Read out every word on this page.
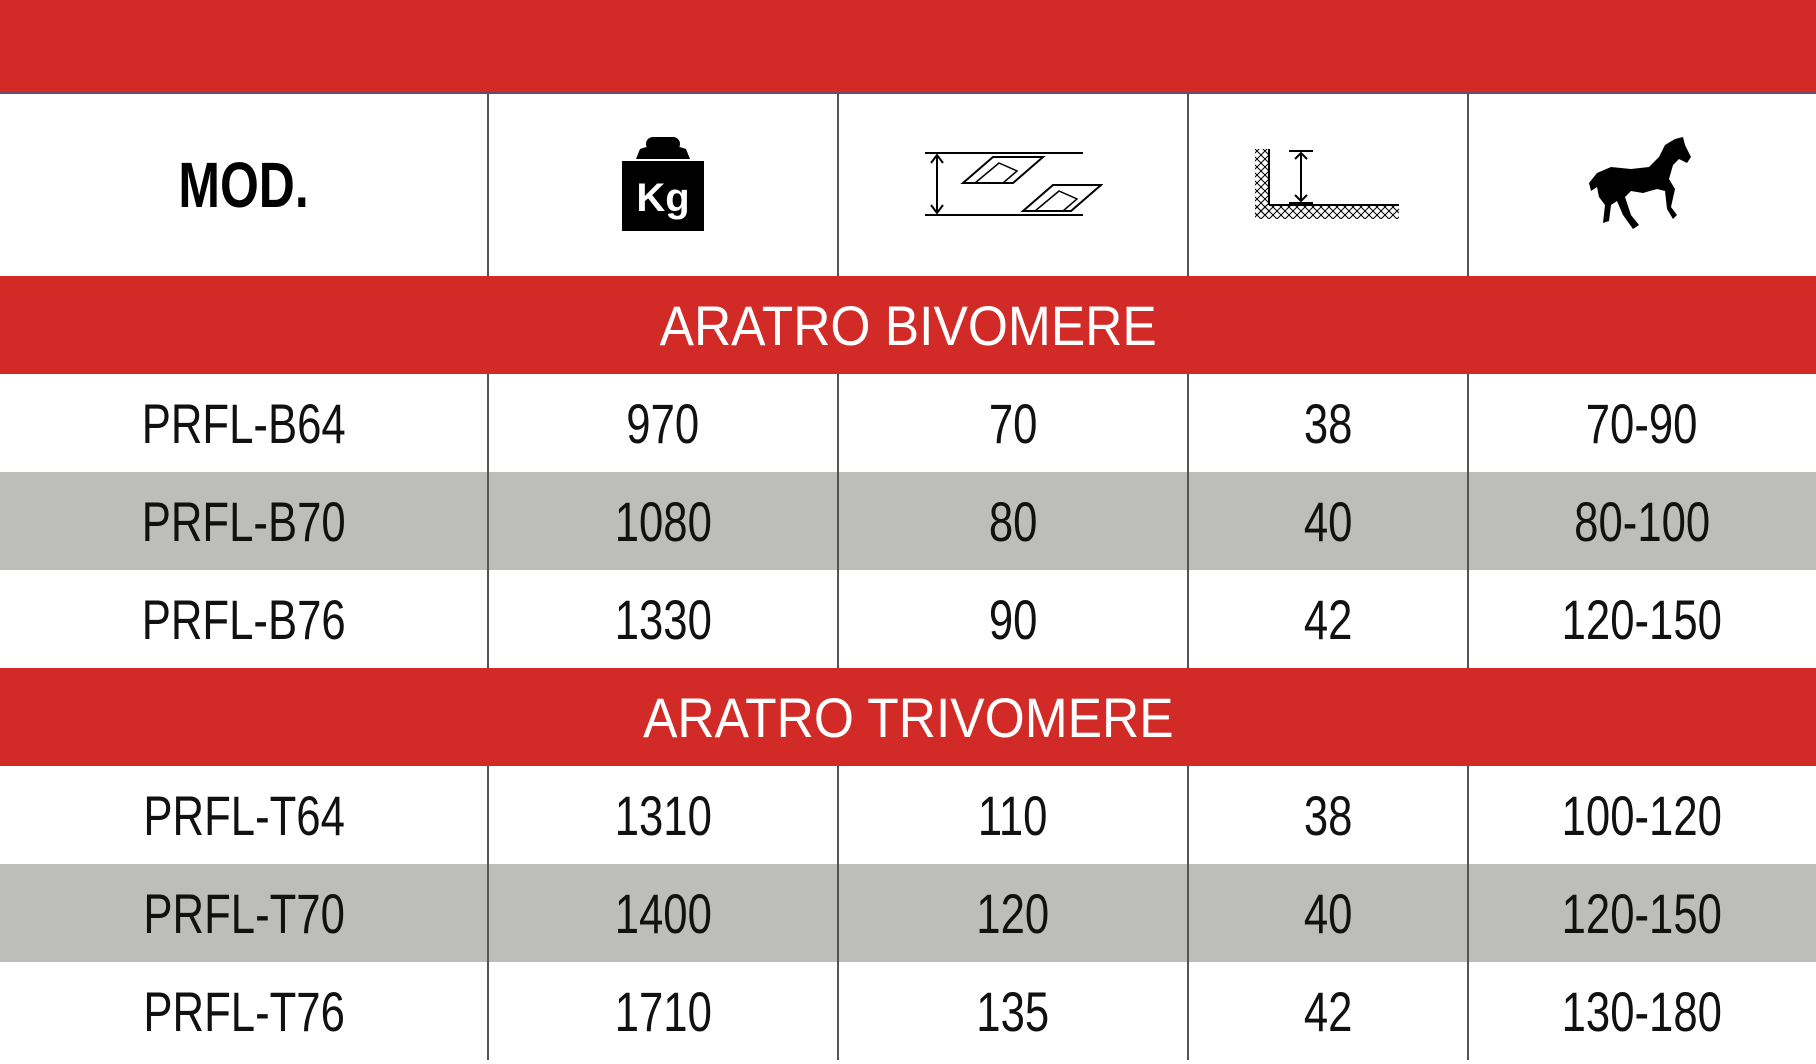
MOD.	Kg
ARATRO BIVOMERE
PRFL-B64	970	70	38	70-90
PRFL-B70	1080	80	40	80-100
PRFL-B76	1330	90	42	120-150
ARATRO TRIVOMERE
PRFL-T64	1310	110	38	100-120
PRFL-T70	1400	120	40	120-150
PRFL-T76	1710	135	42	130-180
